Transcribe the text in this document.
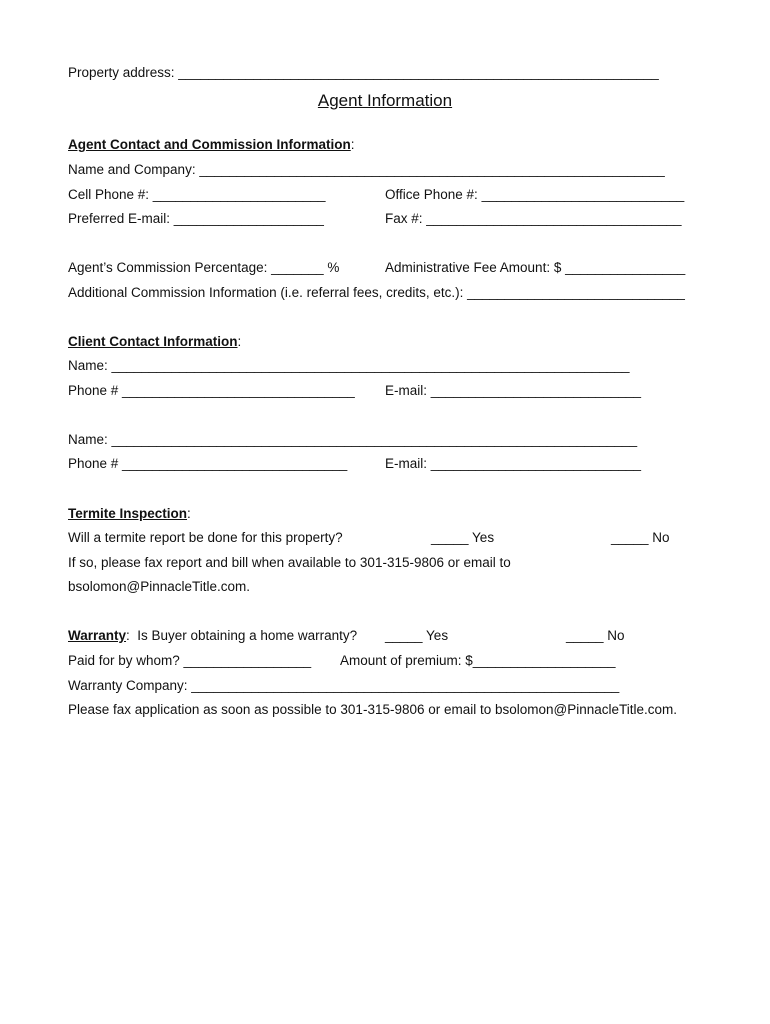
Property address: ________________________________________________________________
Agent Information
Agent Contact and Commission Information:
Name and Company: ______________________________________________________________
Cell Phone #: _______________________	Office Phone #: ___________________________
Preferred E-mail: ____________________	Fax #: __________________________________
Agent’s Commission Percentage: _______ %	Administrative Fee Amount: $ ________________
Additional Commission Information (i.e. referral fees, credits, etc.): _____________________________
Client Contact Information:
Name: _____________________________________________________________________
Phone # _______________________________ E-mail: ____________________________
Name: ______________________________________________________________________
Phone # ______________________________	E-mail: ____________________________
Termite Inspection:
Will a termite report be done for this property?	_____ Yes	_____ No
If so, please fax report and bill when available to 301-315-9806 or email to
bsolomon@PinnacleTitle.com.
Warranty:  Is Buyer obtaining a home warranty? _____ Yes	_____ No
Paid for by whom? _________________ Amount of premium: $___________________
Warranty Company: _________________________________________________________
Please fax application as soon as possible to 301-315-9806 or email to bsolomon@PinnacleTitle.com.
